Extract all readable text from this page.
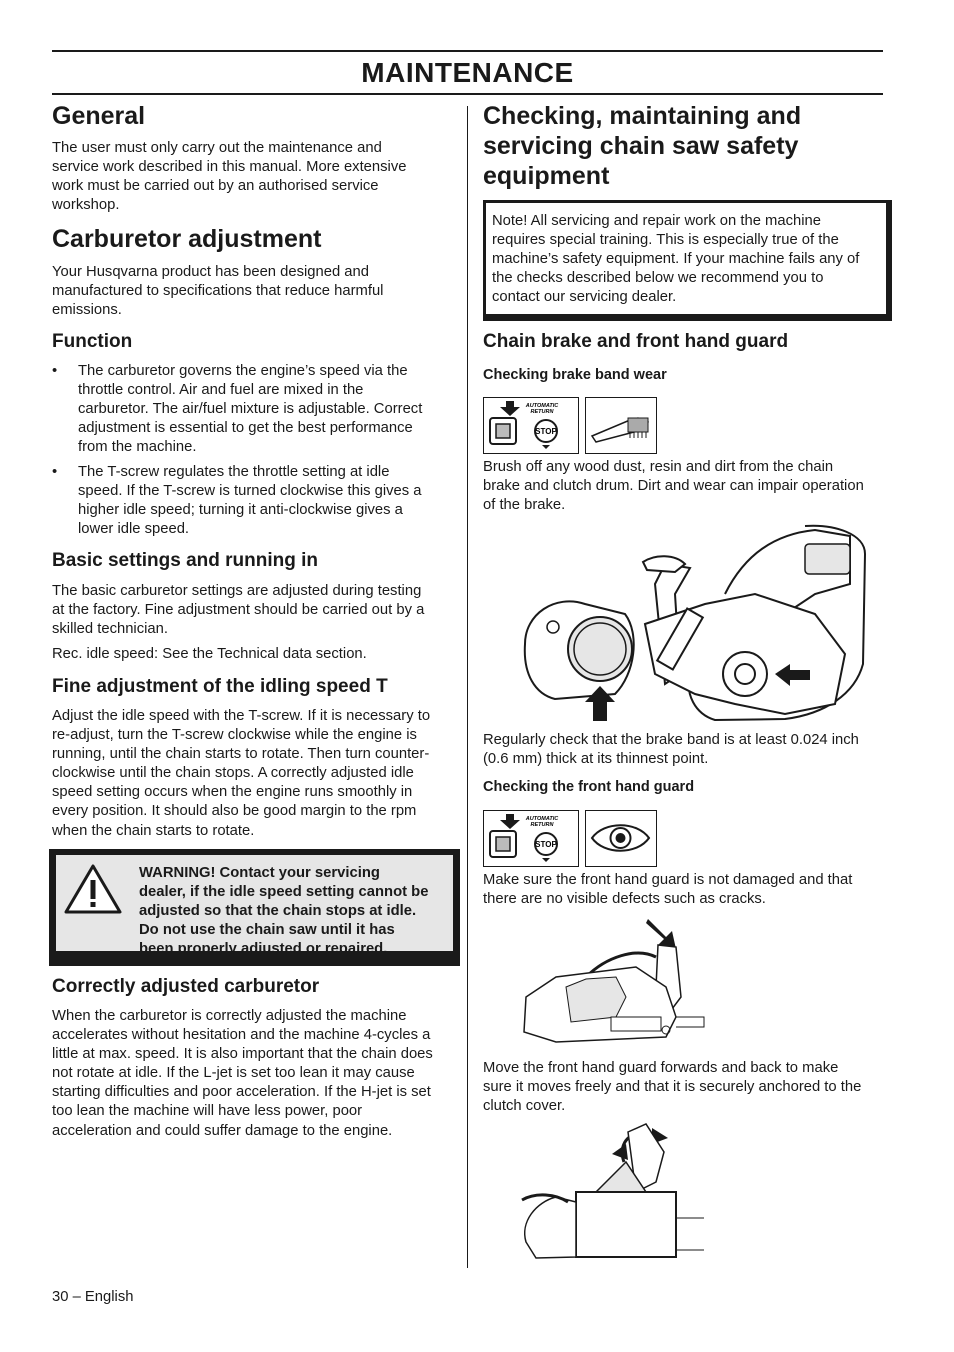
MAINTENANCE
General

The user must only carry out the maintenance and
service work described in this manual. More extensive
work must be carried out by an authorised service
workshop.

Carburetor adjustment

Your Husqvarna product has been designed and
manufactured to specifications that reduce harmful
emissions.

Function
• The carburetor governs the engine’s speed via the
throttle control. Air and fuel are mixed in the
carburetor. The air/fuel mixture is adjustable. Correct
adjustment is essential to get the best performance
from the machine.
• The T-screw regulates the throttle setting at idle
speed. If the T-screw is turned clockwise this gives a
higher idle speed; turning it anti-clockwise gives a
lower idle speed.
Basic settings and running in

The basic carburetor settings are adjusted during testing
at the factory. Fine adjustment should be carried out by a
skilled technician.

Rec. idle speed: See the Technical data section.

Fine adjustment of the idling speed T

Adjust the idle speed with the T-screw. If it is necessary to
re-adjust, turn the T-screw clockwise while the engine is
running, until the chain starts to rotate. Then turn counter-
clockwise until the chain stops. A correctly adjusted idle
speed setting occurs when the engine runs smoothly in
every position. It should also be good margin to the rpm
when the chain starts to rotate.

WARNING! Contact your servicing
dealer, if the idle speed setting cannot be
adjusted so that the chain stops at idle.
Do not use the chain saw until it has
been properly adjusted or repaired.
Correctly adjusted carburetor

When the carburetor is correctly adjusted the machine
accelerates without hesitation and the machine 4-cycles a
little at max. speed. It is also important that the chain does
not rotate at idle. If the L-jet is set too lean it may cause
starting difficulties and poor acceleration. If the H-jet is set
too lean the machine will have less power, poor
acceleration and could suffer damage to the engine.

30 – English

Checking, maintaining and
servicing chain saw safety
equipment
Note! All servicing and repair work on the machine
requires special training. This is especially true of the
machine’s safety equipment. If your machine fails any of
the checks described below we recommend you to
contact our servicing dealer.
Chain brake and front hand guard
Checking brake band wear
AUTOMATIC
RETURN
STOP

Brush off any wood dust, resin and dirt from the chain
brake and clutch drum. Dirt and wear can impair operation
of the brake.

Regularly check that the brake band is at least 0.024 inch
(0.6 mm) thick at its thinnest point.

Checking the front hand guard
AUTOMATIC
RETURN
STOP

Make sure the front hand guard is not damaged and that
there are no visible defects such as cracks.

Move the front hand guard forwards and back to make
sure it moves freely and that it is securely anchored to the
clutch cover.
